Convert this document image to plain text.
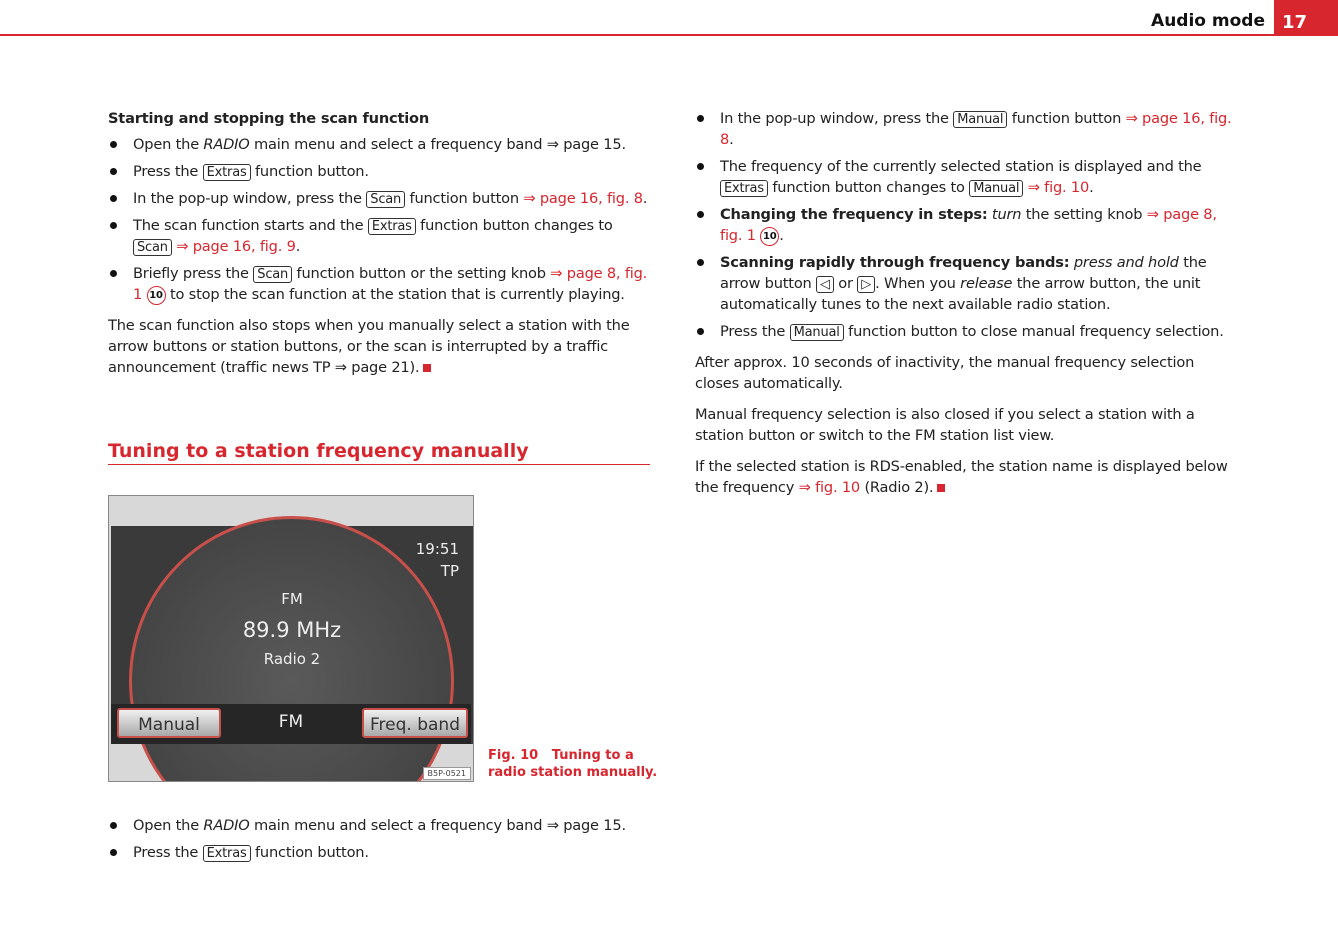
Audio mode 17
Starting and stopping the scan function
Open the RADIO main menu and select a frequency band ⇒ page 15.
Press the Extras function button.
In the pop-up window, press the Scan function button ⇒ page 16, fig. 8.
The scan function starts and the Extras function button changes to Scan ⇒ page 16, fig. 9.
Briefly press the Scan function button or the setting knob ⇒ page 8, fig. 1 10 to stop the scan function at the station that is currently playing.
The scan function also stops when you manually select a station with the arrow buttons or station buttons, or the scan is interrupted by a traffic announcement (traffic news TP ⇒ page 21).
Tuning to a station frequency manually
19:51
TP
FM
89.9 MHz
Radio 2
Manual	FM	Freq. band
B5P-0521
Fig. 10 Tuning to a radio station manually.
Open the RADIO main menu and select a frequency band ⇒ page 15.
Press the Extras function button.
In the pop-up window, press the Manual function button ⇒ page 16, fig. 8.
The frequency of the currently selected station is displayed and the Extras function button changes to Manual ⇒ fig. 10.
Changing the frequency in steps: turn the setting knob ⇒ page 8, fig. 1 10 .
Scanning rapidly through frequency bands: press and hold the arrow button ◁ or ▷ . When you release the arrow button, the unit automatically tunes to the next available radio station.
Press the Manual function button to close manual frequency selection.
After approx. 10 seconds of inactivity, the manual frequency selection closes automatically.
Manual frequency selection is also closed if you select a station with a station button or switch to the FM station list view.
If the selected station is RDS-enabled, the station name is displayed below the frequency ⇒ fig. 10 (Radio 2).
